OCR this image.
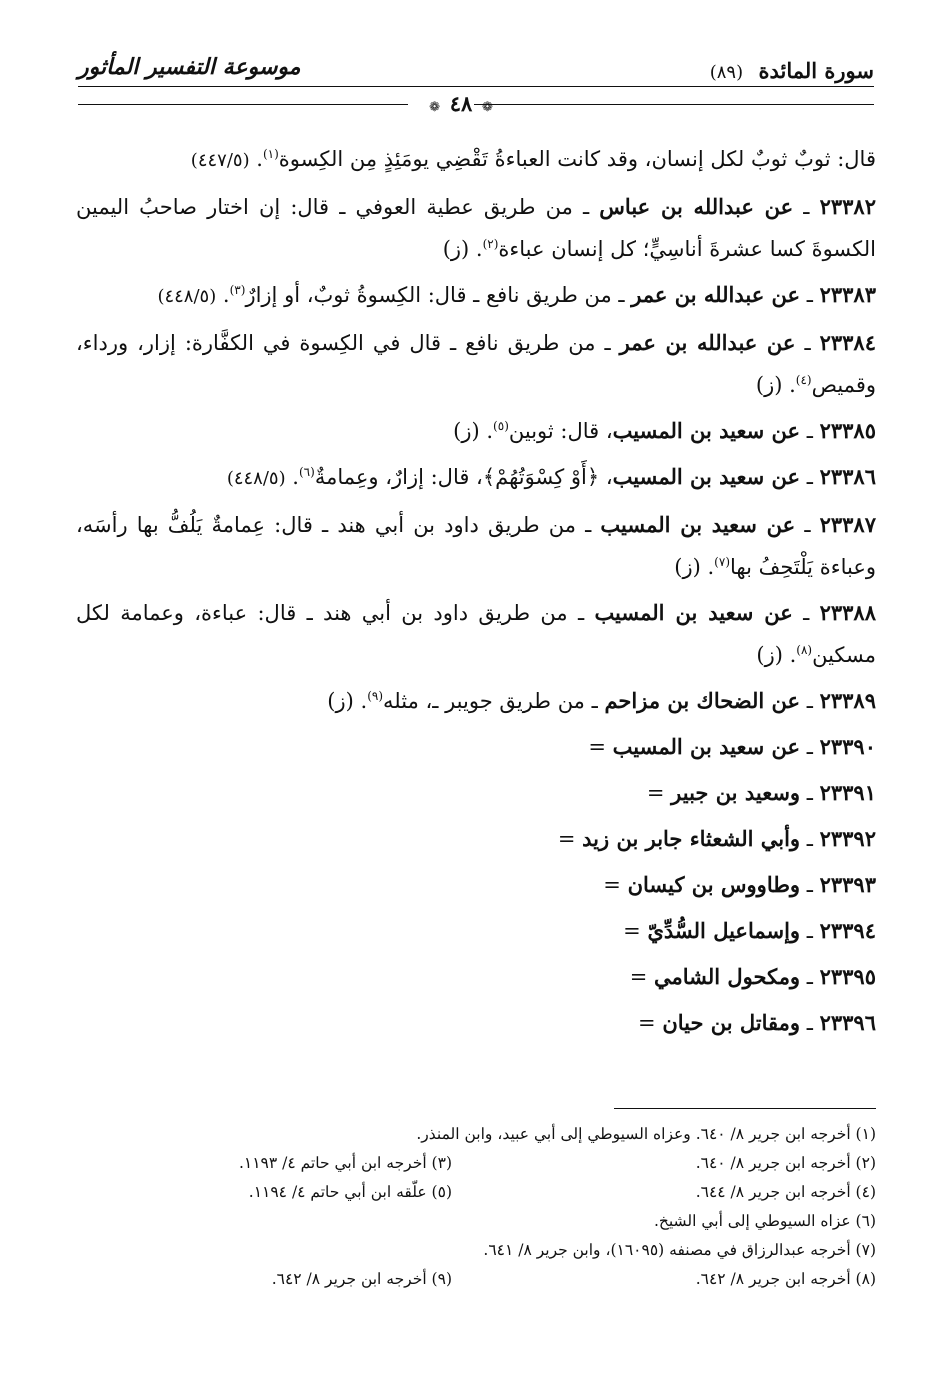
سورة المائدة (٨٩)
موسوعة التفسير المأثور
❁ ٤٨ ❁
قال: ثوبٌ ثوبٌ لكل إنسان، وقد كانت العباءةُ تَقْضِي يومَئِذٍ مِن الكِسوة$^{(١)}$. (٤٤٧/٥)
٢٣٣٨٢ ـ عن عبدالله بن عباس ـ من طريق عطية العوفي ـ قال: إن اختار صاحبُ اليمين الكسوةَ كسا عشرةَ أناسِيٍّ؛ كل إنسان عباءة$^{(٢)}$. (ز)
٢٣٣٨٣ ـ عن عبدالله بن عمر ـ من طريق نافع ـ قال: الكِسوةُ ثوبٌ، أو إزارٌ$^{(٣)}$. (٤٤٨/٥)
٢٣٣٨٤ ـ عن عبدالله بن عمر ـ من طريق نافع ـ قال في الكِسوة في الكفَّارة: إزار، ورداء، وقميص$^{(٤)}$. (ز)
٢٣٣٨٥ ـ عن سعيد بن المسيب، قال: ثوبين$^{(٥)}$. (ز)
٢٣٣٨٦ ـ عن سعيد بن المسيب، ﴿أَوْ كِسْوَتُهُمْ﴾، قال: إزارٌ، وعِمامةٌ$^{(٦)}$. (٤٤٨/٥)
٢٣٣٨٧ ـ عن سعيد بن المسيب ـ من طريق داود بن أبي هند ـ قال: عِمامةٌ يَلُفُّ بها رأسَه، وعباءة يَلْتَحِفُ بها$^{(٧)}$. (ز)
٢٣٣٨٨ ـ عن سعيد بن المسيب ـ من طريق داود بن أبي هند ـ قال: عباءة، وعمامة لكل مسكين$^{(٨)}$. (ز)
٢٣٣٨٩ ـ عن الضحاك بن مزاحم ـ من طريق جويبر ـ، مثله$^{(٩)}$. (ز)
٢٣٣٩٠ ـ عن سعيد بن المسيب =
٢٣٣٩١ ـ وسعيد بن جبير =
٢٣٣٩٢ ـ وأبي الشعثاء جابر بن زيد =
٢٣٣٩٣ ـ وطاووس بن كيسان =
٢٣٣٩٤ ـ وإسماعيل السُّدِّيّ =
٢٣٣٩٥ ـ ومكحول الشامي =
٢٣٣٩٦ ـ ومقاتل بن حيان =
(١) أخرجه ابن جرير ٨/ ٦٤٠. وعزاه السيوطي إلى أبي عبيد، وابن المنذر.
(٢) أخرجه ابن جرير ٨/ ٦٤٠.
(٣) أخرجه ابن أبي حاتم ٤/ ١١٩٣.
(٤) أخرجه ابن جرير ٨/ ٦٤٤.
(٥) علّقه ابن أبي حاتم ٤/ ١١٩٤.
(٦) عزاه السيوطي إلى أبي الشيخ.
(٧) أخرجه عبدالرزاق في مصنفه (١٦٠٩٥)، وابن جرير ٨/ ٦٤١.
(٨) أخرجه ابن جرير ٨/ ٦٤٢.
(٩) أخرجه ابن جرير ٨/ ٦٤٢.
